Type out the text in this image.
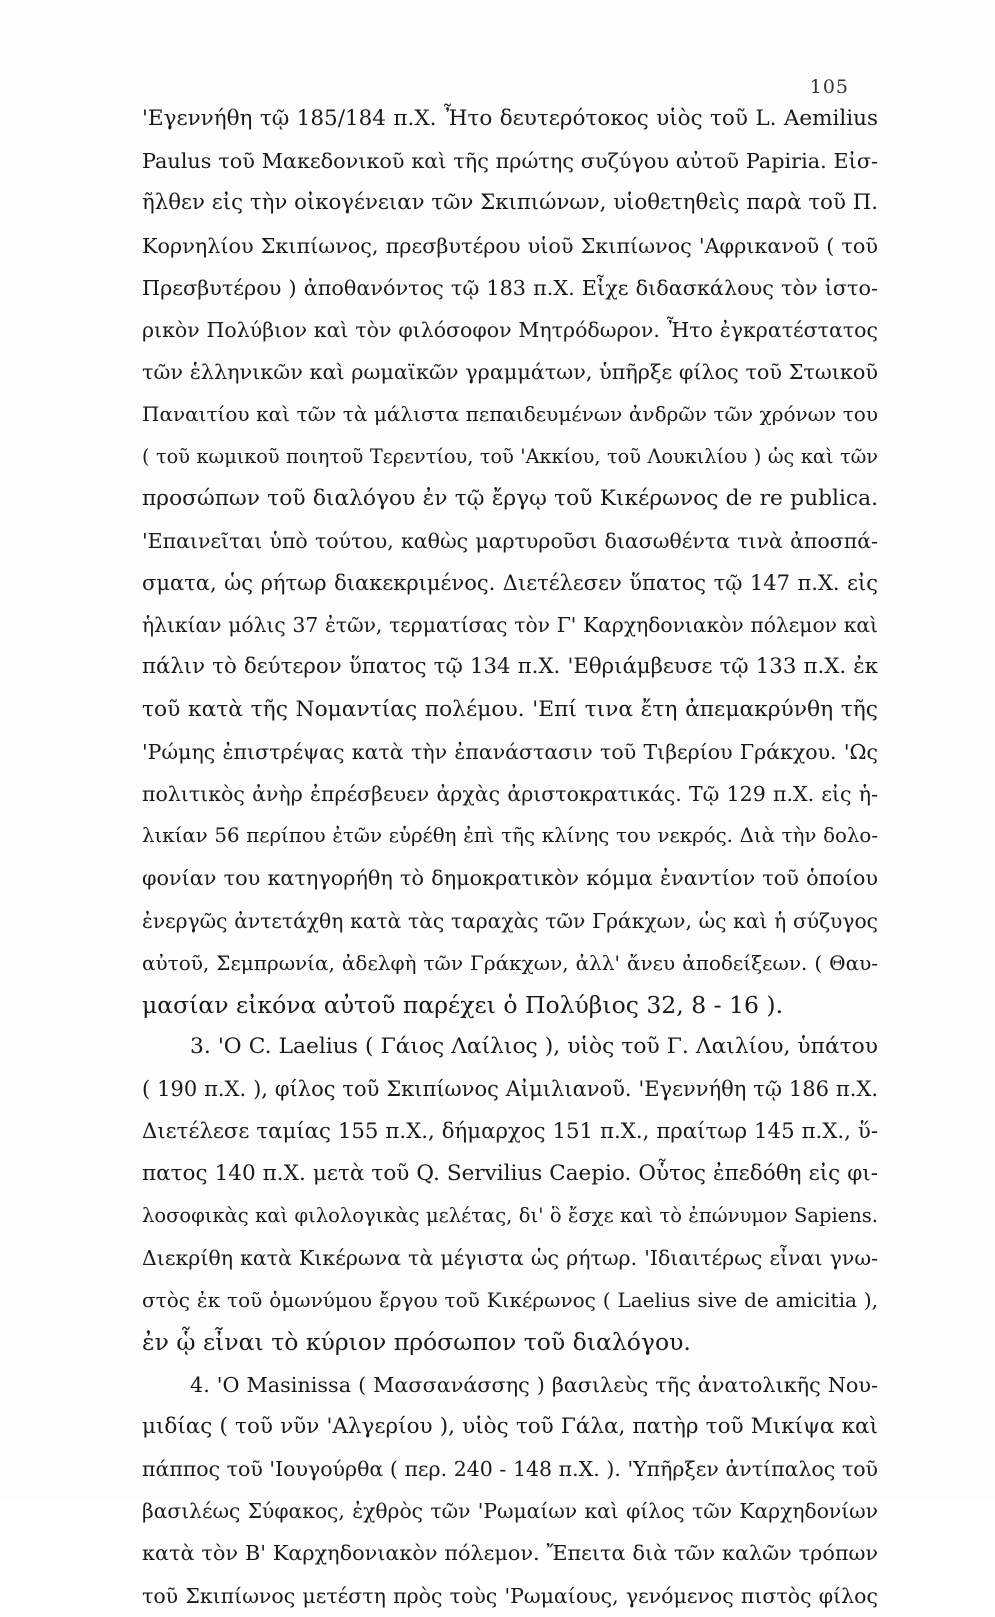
105
'Εγεννήθη τῷ 185/184 π.Χ. Ἦτο δευτερότοκος υἱὸς τοῦ L. Aemilius
Paulus τοῦ Μακεδονικοῦ καὶ τῆς πρώτης συζύγου αὐτοῦ Papiria. Εἰσ-
ῆλθεν εἰς τὴν οἰκογένειαν τῶν Σκιπιώνων, υἱοθετηθεὶς παρὰ τοῦ Π.
Κορνηλίου Σκιπίωνος, πρεσβυτέρου υἱοῦ Σκιπίωνος 'Αφρικανοῦ ( τοῦ
Πρεσβυτέρου ) ἀποθανόντος τῷ 183 π.Χ. Εἶχε διδασκάλους τὸν ἱστο-
ρικὸν Πολύβιον καὶ τὸν φιλόσοφον Μητρόδωρον. Ἦτο ἐγκρατέστατος
τῶν ἑλληνικῶν καὶ ρωμαϊκῶν γραμμάτων, ὑπῆρξε φίλος τοῦ Στωικοῦ
Παναιτίου καὶ τῶν τὰ μάλιστα πεπαιδευμένων ἀνδρῶν τῶν χρόνων του
( τοῦ κωμικοῦ ποιητοῦ Τερεντίου, τοῦ 'Ακκίου, τοῦ Λουκιλίου ) ὡς καὶ τῶν
προσώπων τοῦ διαλόγου ἐν τῷ ἔργῳ τοῦ Κικέρωνος de re publica.
'Επαινεῖται ὑπὸ τούτου, καθὼς μαρτυροῦσι διασωθέντα τινὰ ἀποσπά-
σματα, ὡς ρήτωρ διακεκριμένος. Διετέλεσεν ὕπατος τῷ 147 π.Χ. εἰς
ἡλικίαν μόλις 37 ἐτῶν, τερματίσας τὸν Γ' Καρχηδονιακὸν πόλεμον καὶ
πάλιν τὸ δεύτερον ὕπατος τῷ 134 π.Χ. 'Εθριάμβευσε τῷ 133 π.Χ. ἐκ
τοῦ κατὰ τῆς Νομαντίας πολέμου. 'Επί τινα ἔτη ἀπεμακρύνθη τῆς
'Ρώμης ἐπιστρέψας κατὰ τὴν ἐπανάστασιν τοῦ Τιβερίου Γράκχου. 'Ως
πολιτικὸς ἀνὴρ ἐπρέσβευεν ἀρχὰς ἀριστοκρατικάς. Τῷ 129 π.Χ. εἰς ἡ-
λικίαν 56 περίπου ἐτῶν εὑρέθη ἐπὶ τῆς κλίνης του νεκρός. Διὰ τὴν δολο-
φονίαν του κατηγορήθη τὸ δημοκρατικὸν κόμμα ἐναντίον τοῦ ὁποίου
ἐνεργῶς ἀντετάχθη κατὰ τὰς ταραχὰς τῶν Γράκχων, ὡς καὶ ἡ σύζυγος
αὐτοῦ, Σεμπρωνία, ἀδελφὴ τῶν Γράκχων, ἀλλ' ἄνευ ἀποδείξεων. ( Θαυ-
μασίαν εἰκόνα αὐτοῦ παρέχει ὁ Πολύβιος 32, 8 - 16 ).
3. 'Ο C. Laelius ( Γάιος Λαίλιος ), υἱὸς τοῦ Γ. Λαιλίου, ὑπάτου
( 190 π.Χ. ), φίλος τοῦ Σκιπίωνος Αἰμιλιανοῦ. 'Εγεννήθη τῷ 186 π.Χ.
Διετέλεσε ταμίας 155 π.Χ., δήμαρχος 151 π.Χ., πραίτωρ 145 π.Χ., ὕ-
πατος 140 π.Χ. μετὰ τοῦ Q. Servilius Caepio. Οὗτος ἐπεδόθη εἰς φι-
λοσοφικὰς καὶ φιλολογικὰς μελέτας, δι' ὃ ἔσχε καὶ τὸ ἐπώνυμον Sapiens.
Διεκρίθη κατὰ Κικέρωνα τὰ μέγιστα ὡς ρήτωρ. 'Ιδιαιτέρως εἶναι γνω-
στὸς ἐκ τοῦ ὁμωνύμου ἔργου τοῦ Κικέρωνος ( Laelius sive de amicitia ),
ἐν ᾧ εἶναι τὸ κύριον πρόσωπον τοῦ διαλόγου.
4. 'Ο Masinissa ( Μασσανάσσης ) βασιλεὺς τῆς ἀνατολικῆς Νου-
μιδίας ( τοῦ νῦν 'Αλγερίου ), υἱὸς τοῦ Γάλα, πατὴρ τοῦ Μικίψα καὶ
πάππος τοῦ 'Ιουγούρθα ( περ. 240 - 148 π.Χ. ). 'Υπῆρξεν ἀντίπαλος τοῦ
βασιλέως Σύφακος, ἐχθρὸς τῶν 'Ρωμαίων καὶ φίλος τῶν Καρχηδονίων
κατὰ τὸν Β' Καρχηδονιακὸν πόλεμον. Ἔπειτα διὰ τῶν καλῶν τρόπων
τοῦ Σκιπίωνος μετέστη πρὸς τοὺς 'Ρωμαίους, γενόμενος πιστὸς φίλος
